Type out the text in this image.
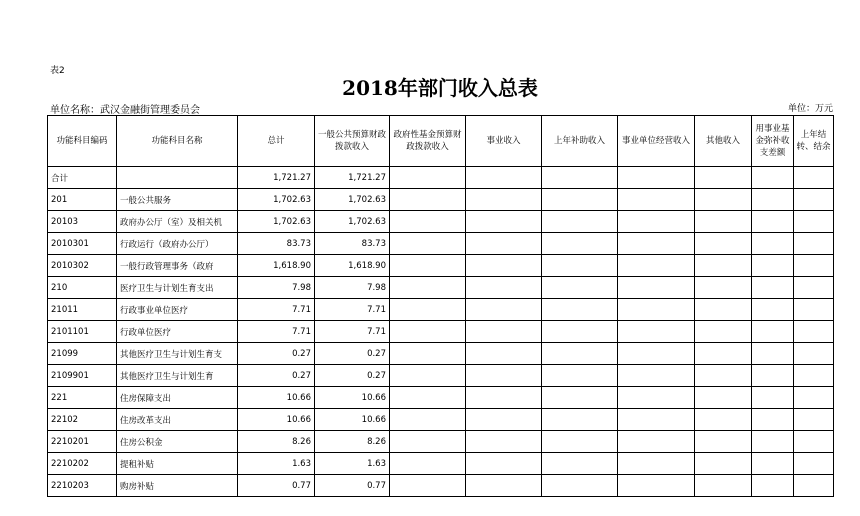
表2
2018年部门收入总表
单位名称：武汉金融街管理委员会	单位：万元
功能科目编码	功能科目名称	总计	一般公共预算财政拨款收入	政府性基金预算财政拨款收入	事业收入	上年补助收入	事业单位经营收入	其他收入	用事业基金弥补收支差额	上年结转、结余
合计		1,721.27	1,721.27							
201	一般公共服务	1,702.63	1,702.63							
20103	政府办公厅（室）及相关机	1,702.63	1,702.63							
2010301	行政运行（政府办公厅）	83.73	83.73							
2010302	一般行政管理事务（政府	1,618.90	1,618.90							
210	医疗卫生与计划生育支出	7.98	7.98							
21011	行政事业单位医疗	7.71	7.71							
2101101	行政单位医疗	7.71	7.71							
21099	其他医疗卫生与计划生育支	0.27	0.27							
2109901	其他医疗卫生与计划生育	0.27	0.27							
221	住房保障支出	10.66	10.66							
22102	住房改革支出	10.66	10.66							
2210201	住房公积金	8.26	8.26							
2210202	提租补贴	1.63	1.63							
2210203	购房补贴	0.77	0.77							
